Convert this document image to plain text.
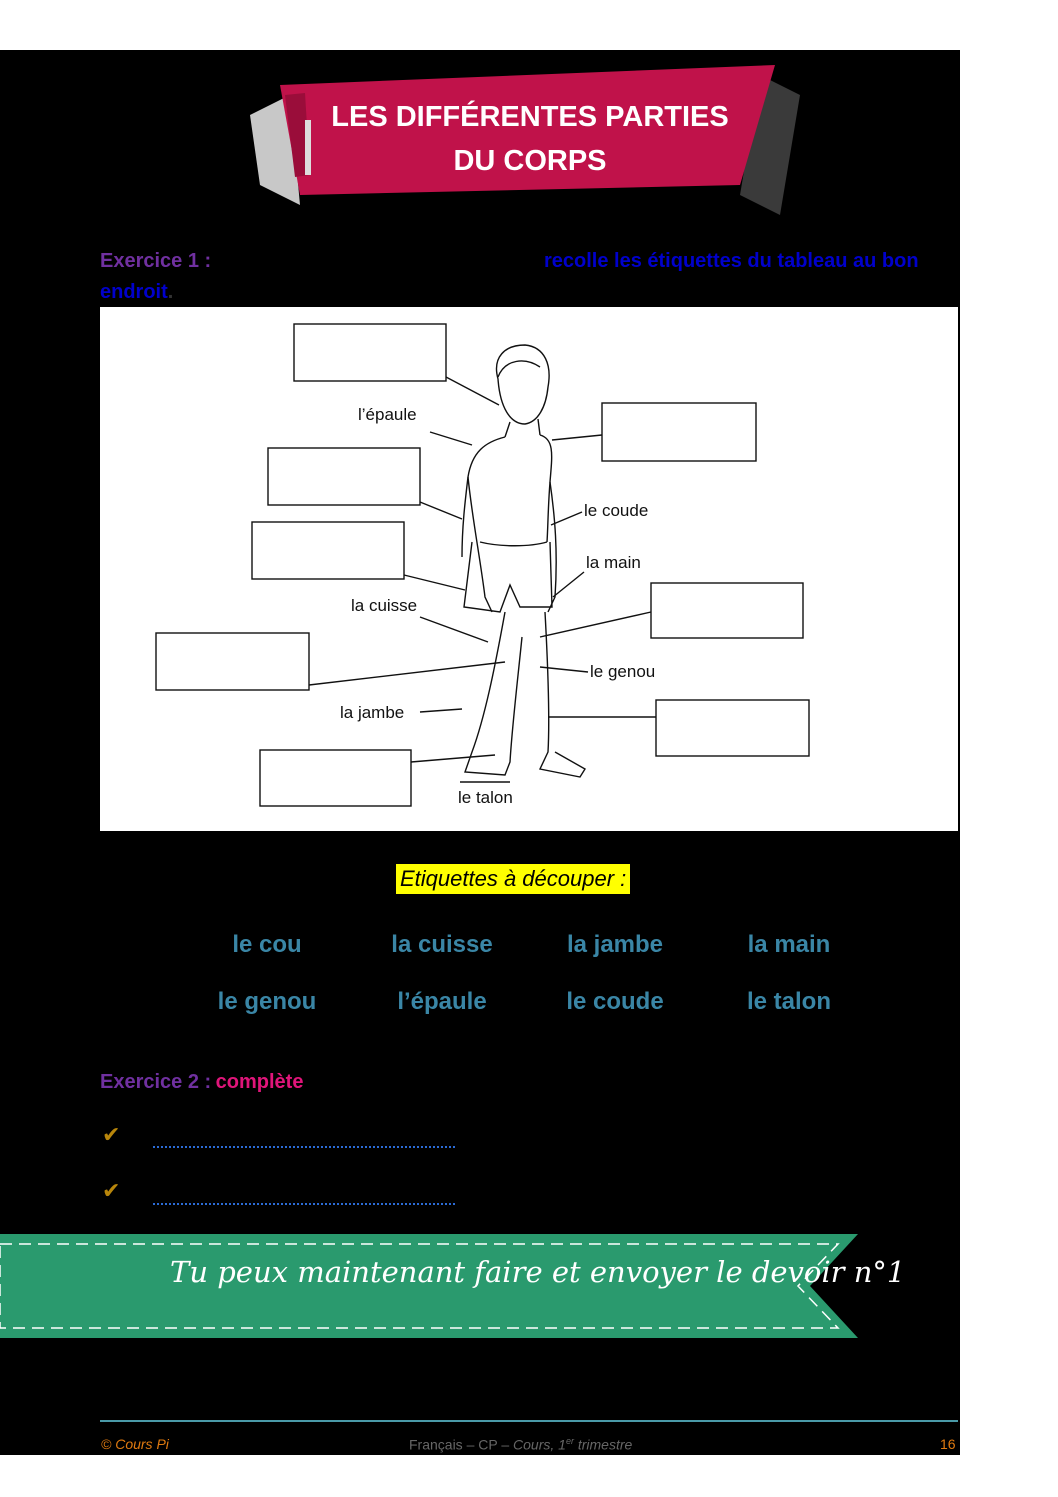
LES DIFFÉRENTES PARTIES
DU CORPS
Exercice 1 :	recolle les étiquettes du tableau au bon
endroit.
l’épaule
le coude
la main
la cuisse
le genou
la jambe
le talon
Etiquettes à découper :
le cou	la cuisse	la jambe	la main
le genou	l’épaule	le coude	le talon
Exercice 2 : complète
✔
✔
Tu peux maintenant faire et envoyer le devoir n°1
© Cours Pi	Français – CP – Cours, 1er trimestre	16
